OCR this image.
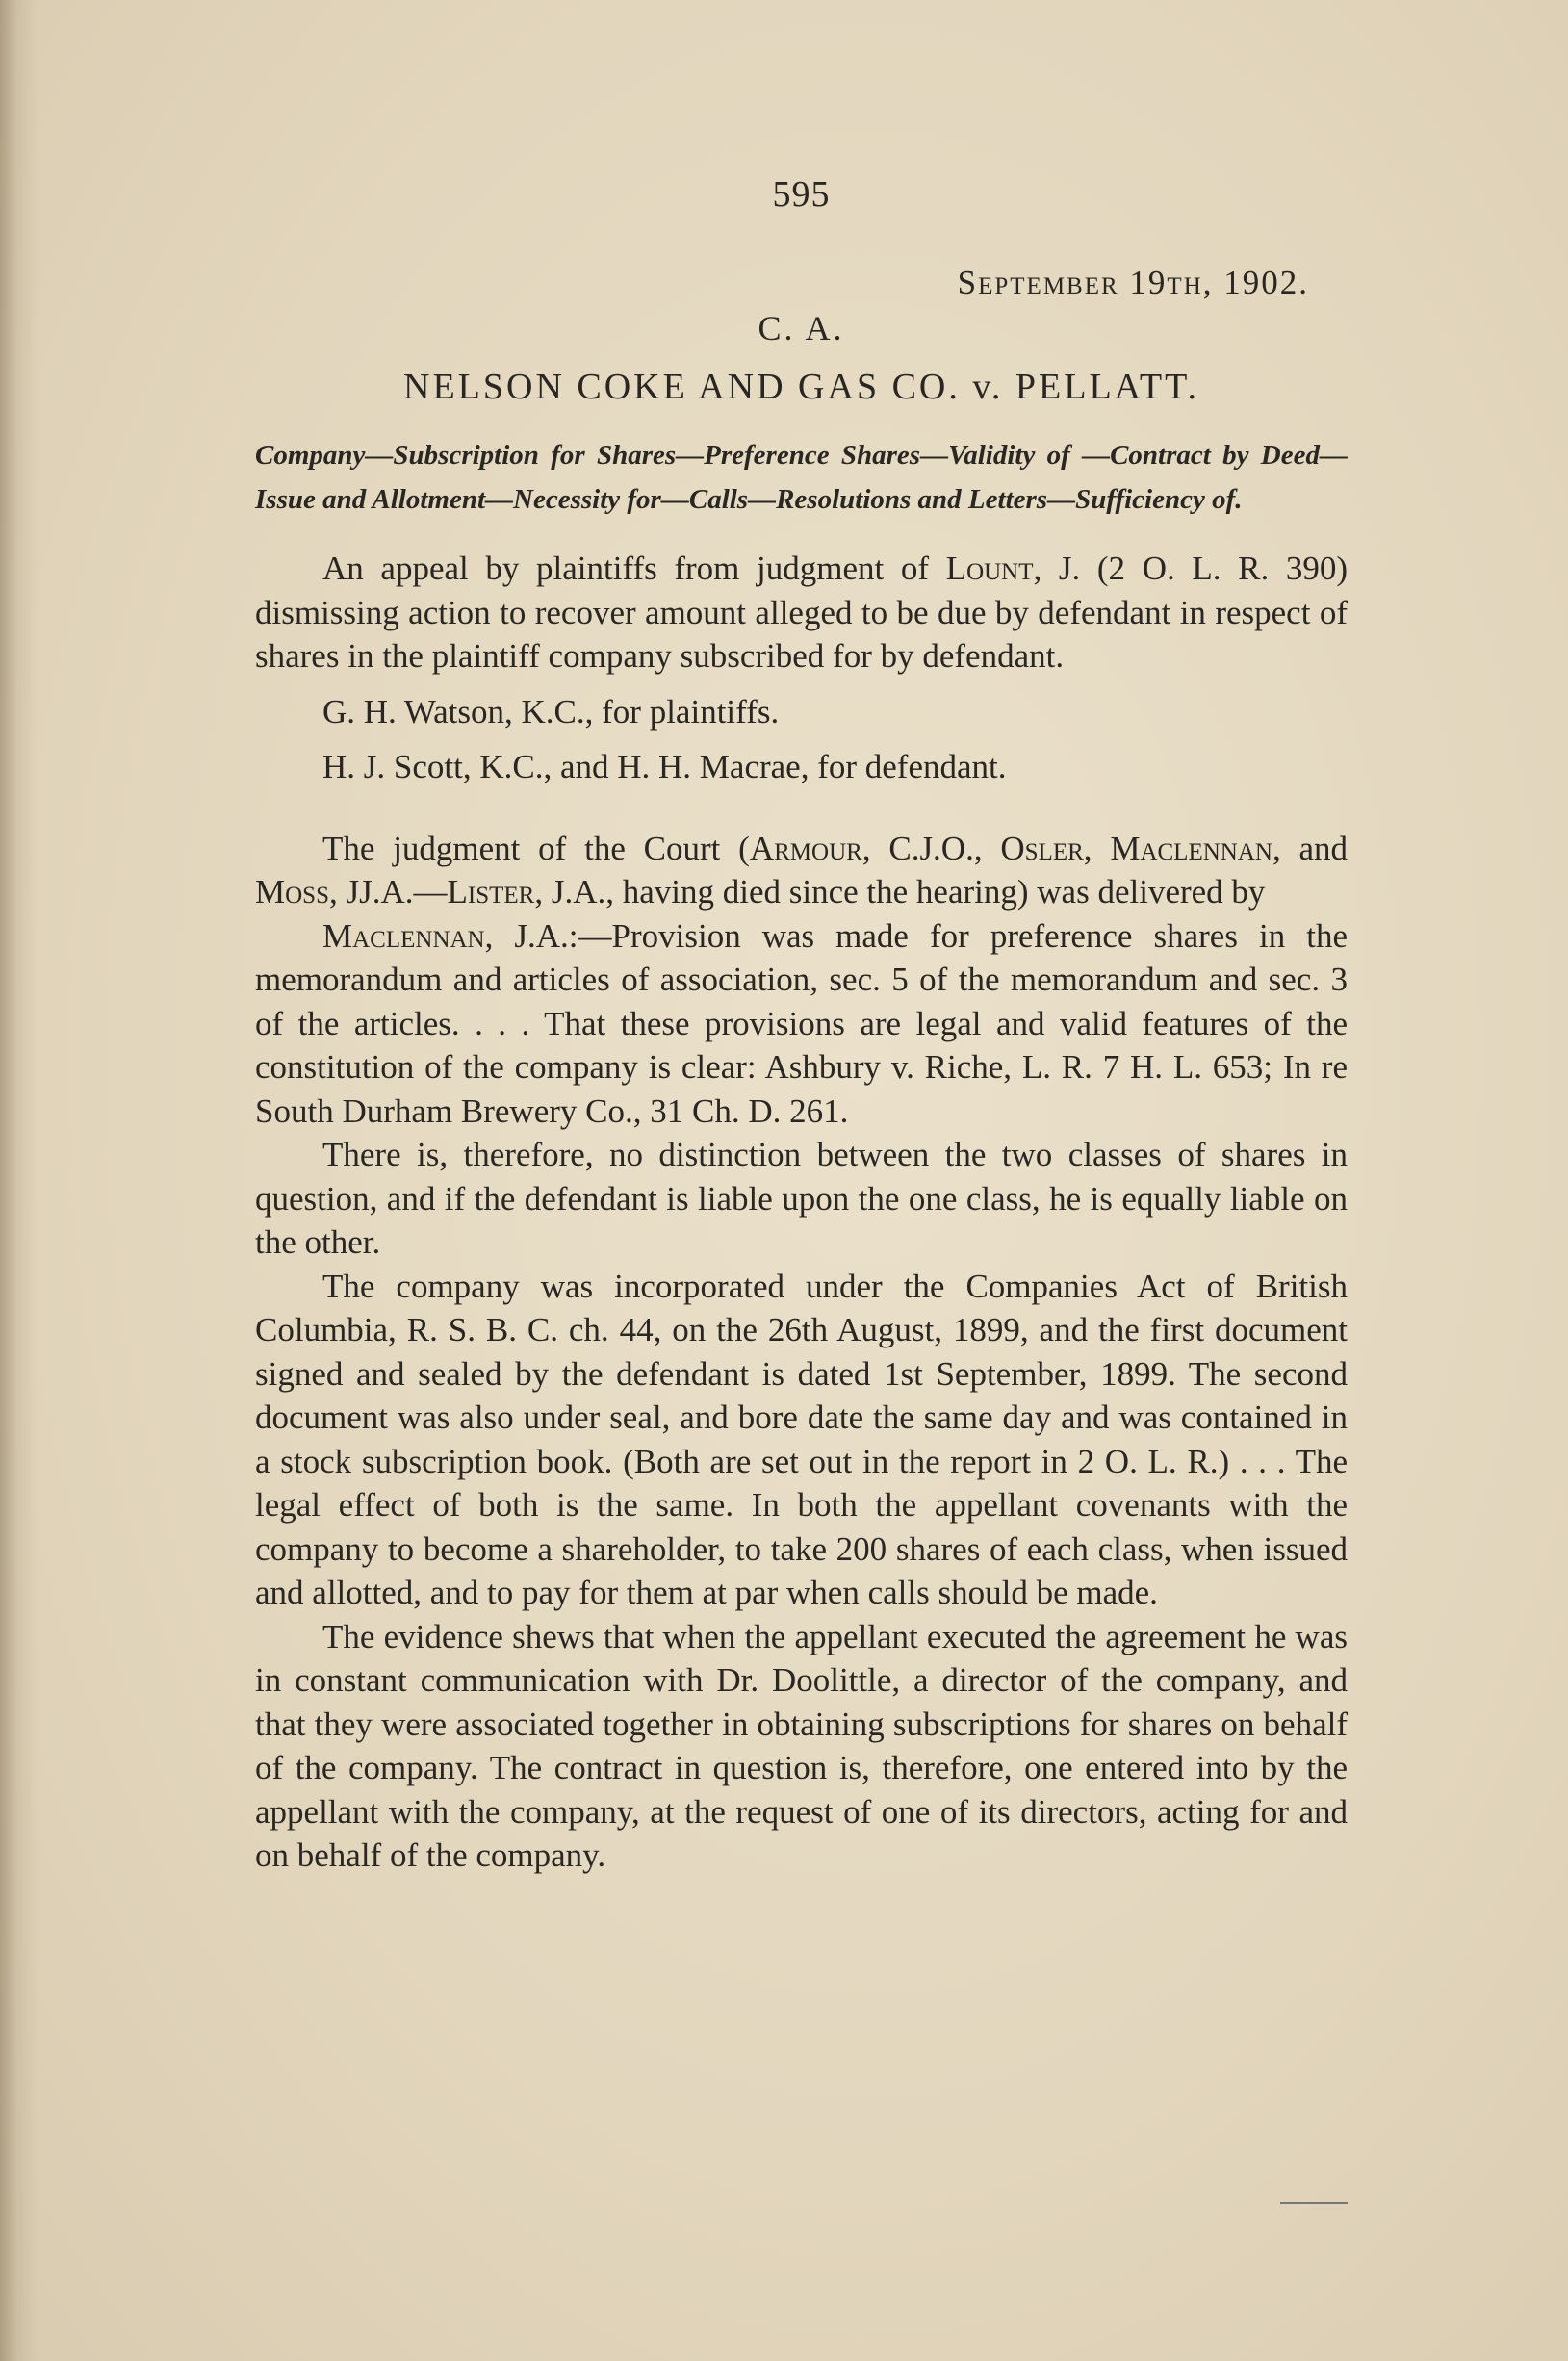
595
September 19th, 1902.
C. A.
NELSON COKE AND GAS CO. v. PELLATT.

Company—Subscription for Shares—Preference Shares—Validity of —Contract by Deed—Issue and Allotment—Necessity for—Calls—Resolutions and Letters—Sufficiency of.

An appeal by plaintiffs from judgment of Lount, J. (2 O. L. R. 390) dismissing action to recover amount alleged to be due by defendant in respect of shares in the plaintiff company subscribed for by defendant.

G. H. Watson, K.C., for plaintiffs.

H. J. Scott, K.C., and H. H. Macrae, for defendant.

The judgment of the Court (Armour, C.J.O., Osler, Maclennan, and Moss, JJ.A.—Lister, J.A., having died since the hearing) was delivered by

Maclennan, J.A.:—Provision was made for preference shares in the memorandum and articles of association, sec. 5 of the memorandum and sec. 3 of the articles. . . . That these provisions are legal and valid features of the constitution of the company is clear: Ashbury v. Riche, L. R. 7 H. L. 653; In re South Durham Brewery Co., 31 Ch. D. 261.

There is, therefore, no distinction between the two classes of shares in question, and if the defendant is liable upon the one class, he is equally liable on the other.

The company was incorporated under the Companies Act of British Columbia, R. S. B. C. ch. 44, on the 26th August, 1899, and the first document signed and sealed by the defendant is dated 1st September, 1899. The second document was also under seal, and bore date the same day and was contained in a stock subscription book. (Both are set out in the report in 2 O. L. R.) . . . The legal effect of both is the same. In both the appellant covenants with the company to become a shareholder, to take 200 shares of each class, when issued and allotted, and to pay for them at par when calls should be made.

The evidence shews that when the appellant executed the agreement he was in constant communication with Dr. Doolittle, a director of the company, and that they were associated together in obtaining subscriptions for shares on behalf of the company. The contract in question is, therefore, one entered into by the appellant with the company, at the request of one of its directors, acting for and on behalf of the company.
